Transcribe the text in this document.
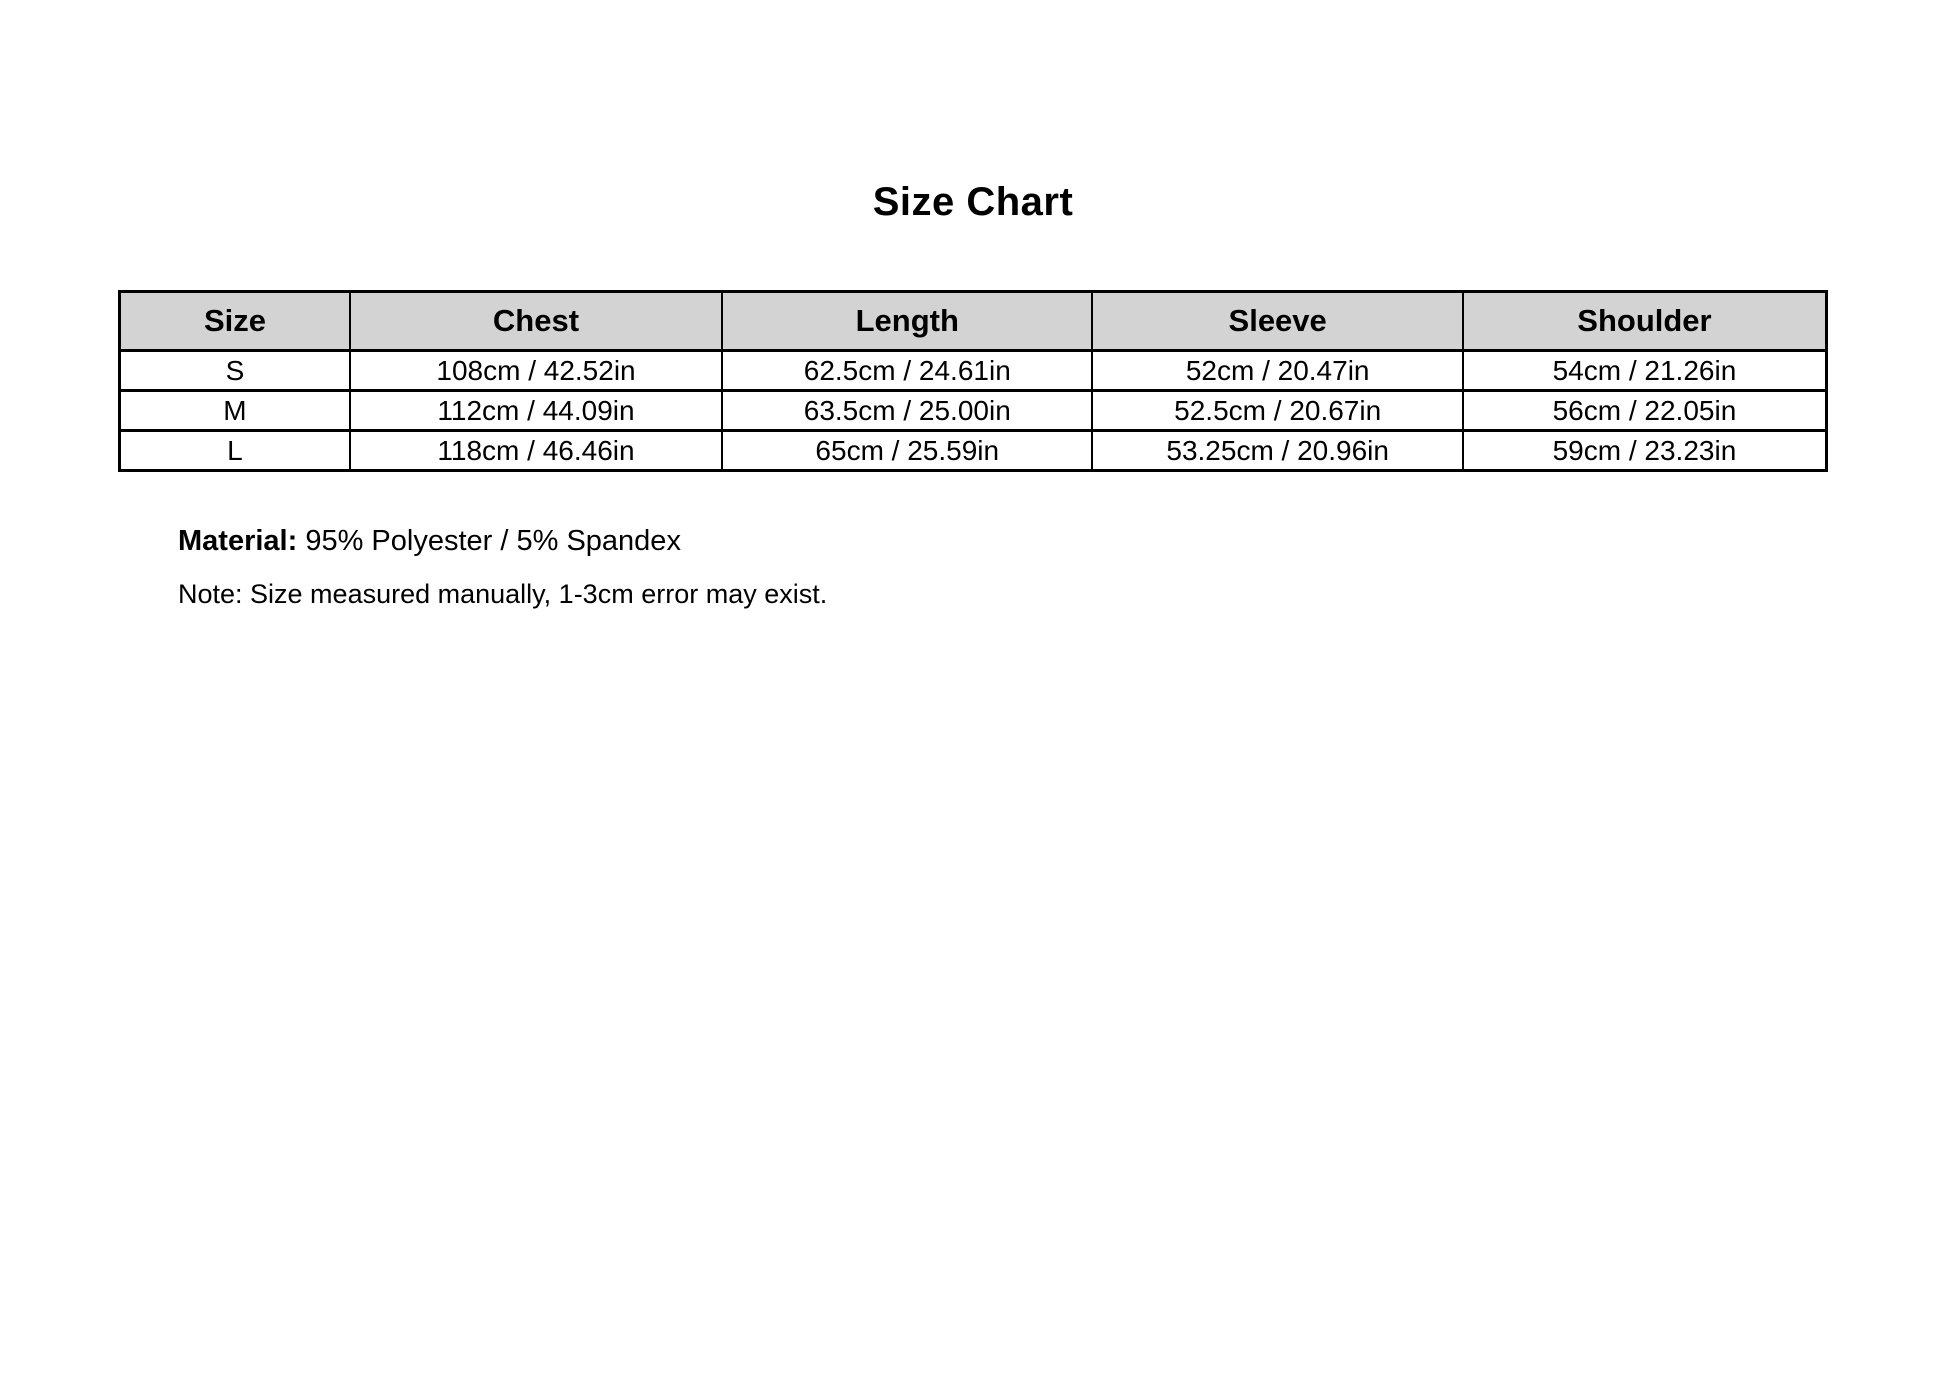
Size Chart
Size	Chest	Length	Sleeve	Shoulder
S	108cm / 42.52in	62.5cm / 24.61in	52cm / 20.47in	54cm / 21.26in
M	112cm / 44.09in	63.5cm / 25.00in	52.5cm / 20.67in	56cm / 22.05in
L	118cm / 46.46in	65cm / 25.59in	53.25cm / 20.96in	59cm / 23.23in

Material: 95% Polyester / 5% Spandex

Note: Size measured manually, 1-3cm error may exist.
